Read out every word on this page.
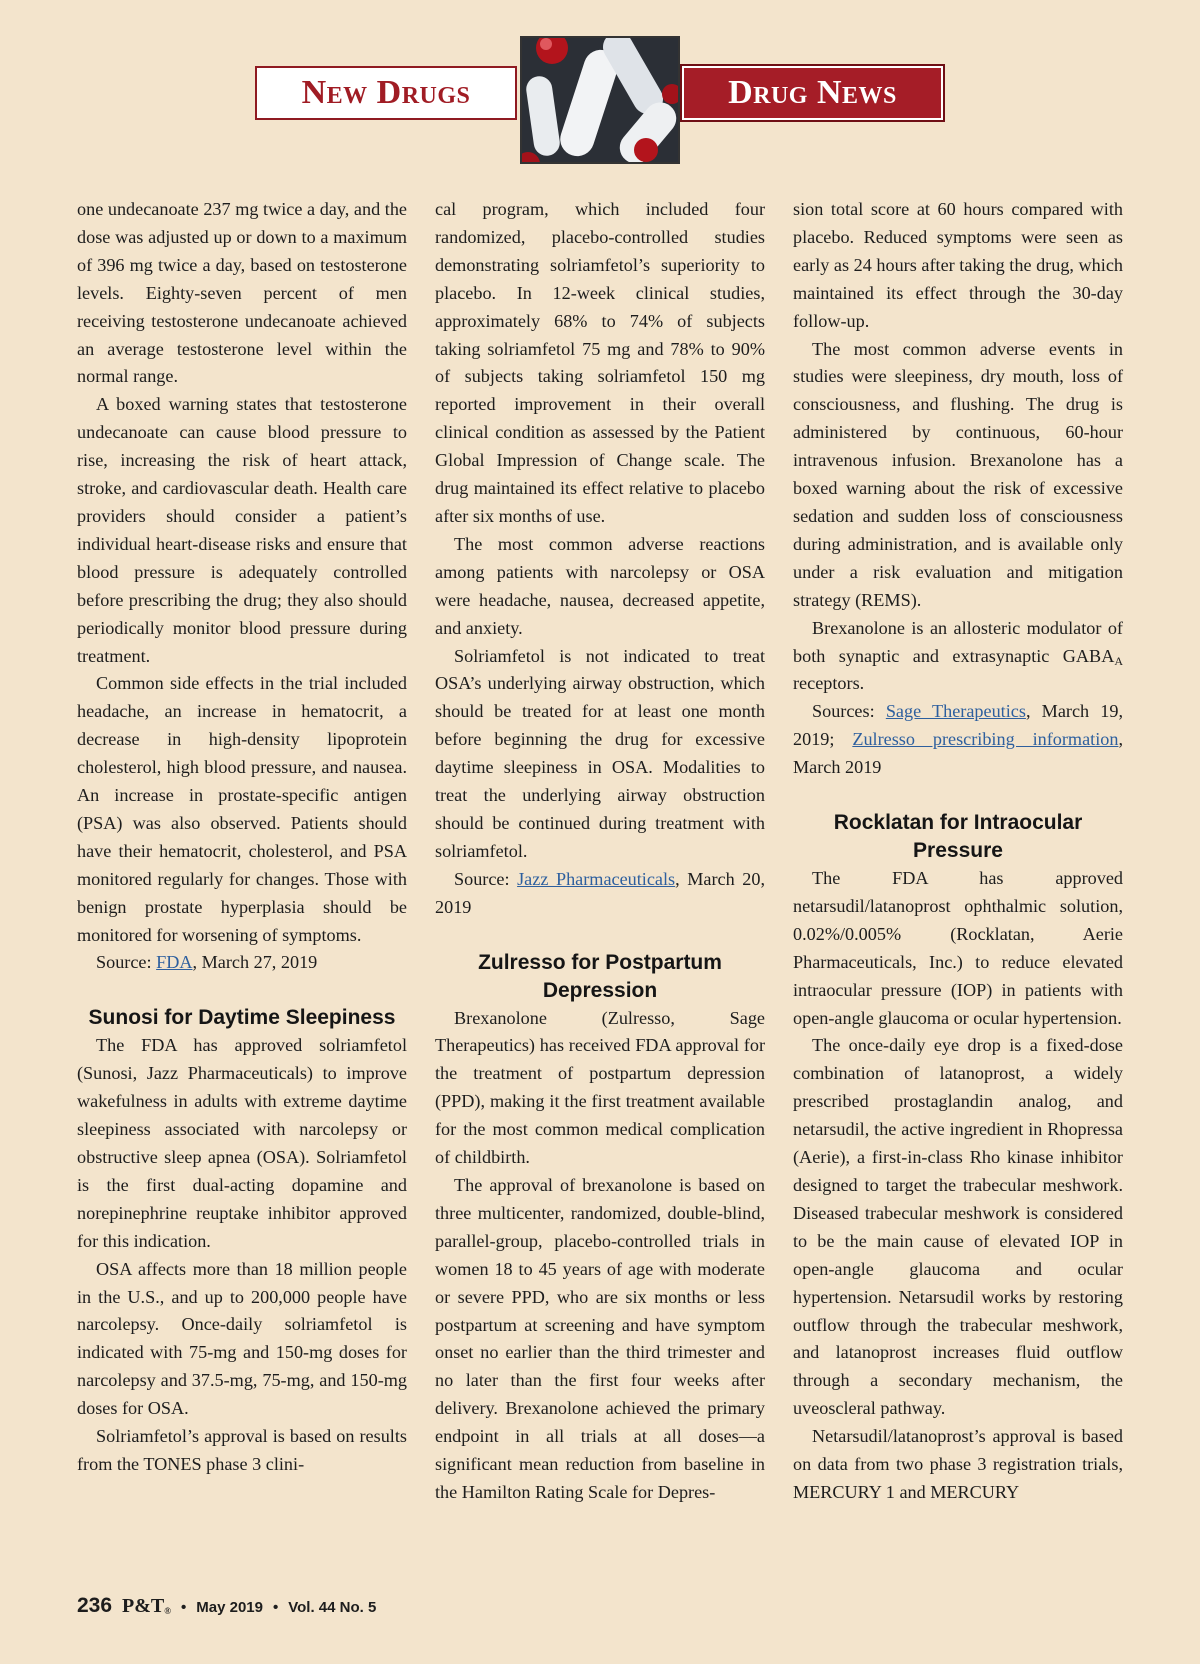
New Drugs	Drug News

one undecanoate 237 mg twice a day, and the dose was adjusted up or down to a maximum of 396 mg twice a day, based on testosterone levels. Eighty-seven percent of men receiving testosterone undecanoate achieved an average testosterone level within the normal range.

A boxed warning states that testosterone undecanoate can cause blood pressure to rise, increasing the risk of heart attack, stroke, and cardiovascular death. Health care providers should consider a patient’s individual heart-disease risks and ensure that blood pressure is adequately controlled before prescribing the drug; they also should periodically monitor blood pressure during treatment.

Common side effects in the trial included headache, an increase in hematocrit, a decrease in high-density lipoprotein cholesterol, high blood pressure, and nausea. An increase in prostate-specific antigen (PSA) was also observed. Patients should have their hematocrit, cholesterol, and PSA monitored regularly for changes. Those with benign prostate hyperplasia should be monitored for worsening of symptoms.

Source: FDA, March 27, 2019

Sunosi for Daytime Sleepiness

The FDA has approved solriamfetol (Sunosi, Jazz Pharmaceuticals) to improve wakefulness in adults with extreme daytime sleepiness associated with narcolepsy or obstructive sleep apnea (OSA). Solriamfetol is the first dual-acting dopamine and norepinephrine reuptake inhibitor approved for this indication.

OSA affects more than 18 million people in the U.S., and up to 200,000 people have narcolepsy. Once-daily solriamfetol is indicated with 75-mg and 150-mg doses for narcolepsy and 37.5-mg, 75-mg, and 150-mg doses for OSA.

Solriamfetol’s approval is based on results from the TONES phase 3 clini-

cal program, which included four randomized, placebo-controlled studies demonstrating solriamfetol’s superiority to placebo. In 12-week clinical studies, approximately 68% to 74% of subjects taking solriamfetol 75 mg and 78% to 90% of subjects taking solriamfetol 150 mg reported improvement in their overall clinical condition as assessed by the Patient Global Impression of Change scale. The drug maintained its effect relative to placebo after six months of use.

The most common adverse reactions among patients with narcolepsy or OSA were headache, nausea, decreased appetite, and anxiety.

Solriamfetol is not indicated to treat OSA’s underlying airway obstruction, which should be treated for at least one month before beginning the drug for excessive daytime sleepiness in OSA. Modalities to treat the underlying airway obstruction should be continued during treatment with solriamfetol.

Source: Jazz Pharmaceuticals, March 20, 2019

Zulresso for Postpartum Depression

Brexanolone (Zulresso, Sage Therapeutics) has received FDA approval for the treatment of postpartum depression (PPD), making it the first treatment available for the most common medical complication of childbirth.

The approval of brexanolone is based on three multicenter, randomized, double-blind, parallel-group, placebo-controlled trials in women 18 to 45 years of age with moderate or severe PPD, who are six months or less postpartum at screening and have symptom onset no earlier than the third trimester and no later than the first four weeks after delivery. Brexanolone achieved the primary endpoint in all trials at all doses—a significant mean reduction from baseline in the Hamilton Rating Scale for Depres-

sion total score at 60 hours compared with placebo. Reduced symptoms were seen as early as 24 hours after taking the drug, which maintained its effect through the 30-day follow-up.

The most common adverse events in studies were sleepiness, dry mouth, loss of consciousness, and flushing. The drug is administered by continuous, 60-hour intravenous infusion. Brexanolone has a boxed warning about the risk of excessive sedation and sudden loss of consciousness during administration, and is available only under a risk evaluation and mitigation strategy (REMS).

Brexanolone is an allosteric modulator of both synaptic and extrasynaptic $GABA_A$ receptors.

Sources: Sage Therapeutics, March 19, 2019; Zulresso prescribing information, March 2019

Rocklatan for Intraocular Pressure

The FDA has approved netarsudil/latanoprost ophthalmic solution, 0.02%/0.005% (Rocklatan, Aerie Pharmaceuticals, Inc.) to reduce elevated intraocular pressure (IOP) in patients with open-angle glaucoma or ocular hypertension.

The once-daily eye drop is a fixed-dose combination of latanoprost, a widely prescribed prostaglandin analog, and netarsudil, the active ingredient in Rhopressa (Aerie), a first-in-class Rho kinase inhibitor designed to target the trabecular meshwork. Diseased trabecular meshwork is considered to be the main cause of elevated IOP in open-angle glaucoma and ocular hypertension. Netarsudil works by restoring outflow through the trabecular meshwork, and latanoprost increases fluid outflow through a secondary mechanism, the uveoscleral pathway.

Netarsudil/latanoprost’s approval is based on data from two phase 3 registration trials, MERCURY 1 and MERCURY

236 P&T® • May 2019 • Vol. 44 No. 5
